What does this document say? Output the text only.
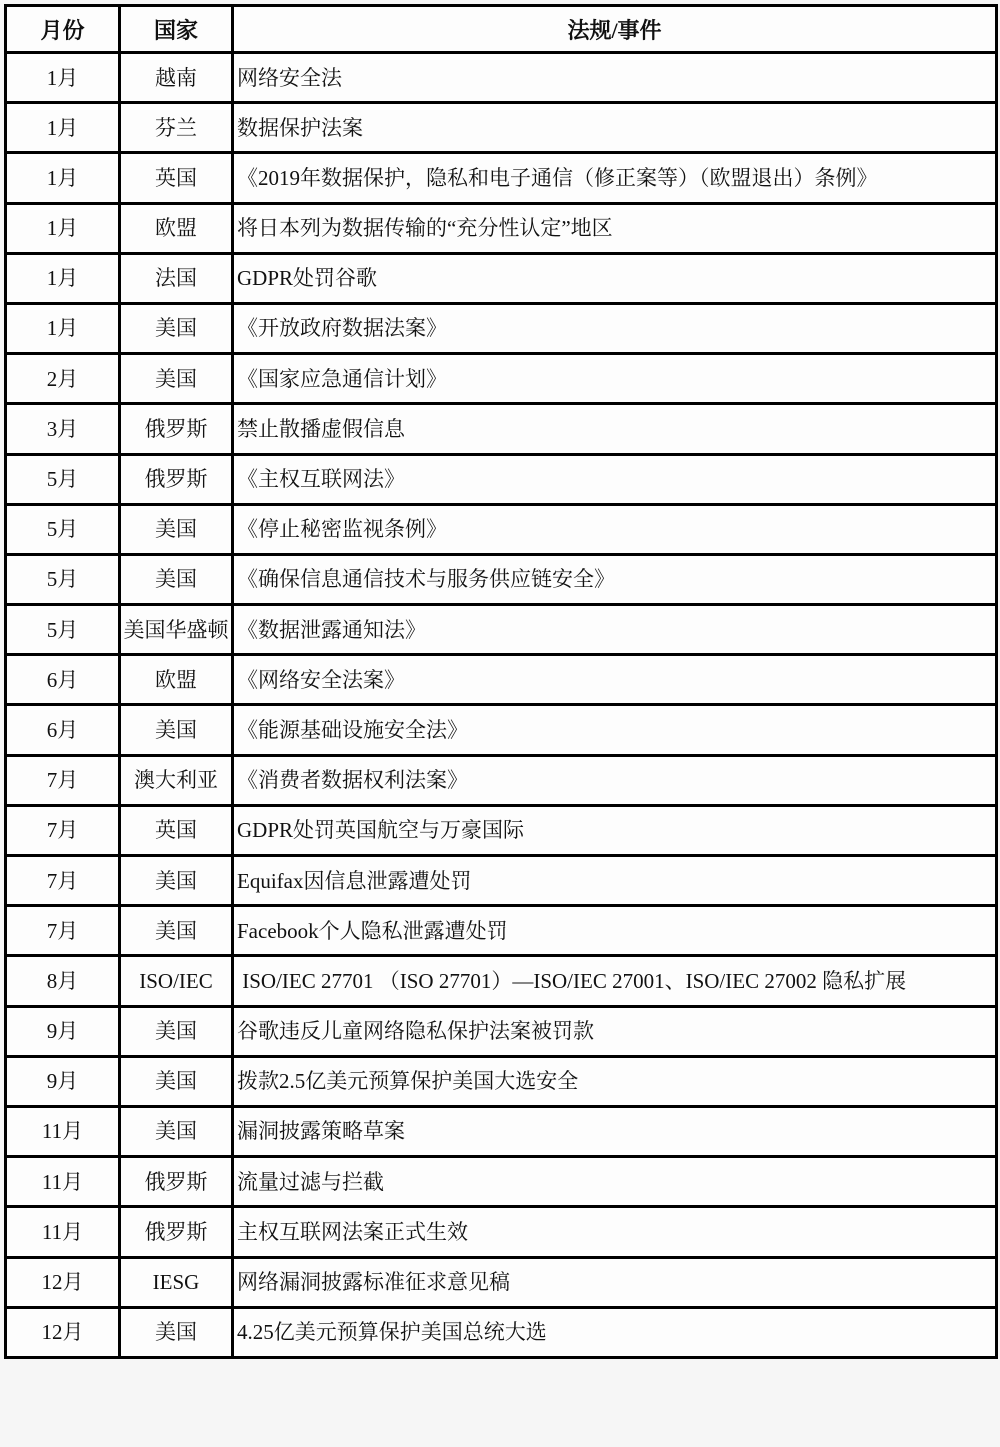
月份	国家	法规/事件
1月	越南	网络安全法
1月	芬兰	数据保护法案
1月	英国	《2019年数据保护，隐私和电子通信（修正案等）（欧盟退出）条例》
1月	欧盟	将日本列为数据传输的“充分性认定”地区
1月	法国	GDPR处罚谷歌
1月	美国	《开放政府数据法案》
2月	美国	《国家应急通信计划》
3月	俄罗斯	禁止散播虚假信息
5月	俄罗斯	《主权互联网法》
5月	美国	《停止秘密监视条例》
5月	美国	《确保信息通信技术与服务供应链安全》
5月	美国华盛顿	《数据泄露通知法》
6月	欧盟	《网络安全法案》
6月	美国	《能源基础设施安全法》
7月	澳大利亚	《消费者数据权利法案》
7月	英国	GDPR处罚英国航空与万豪国际
7月	美国	Equifax因信息泄露遭处罚
7月	美国	Facebook个人隐私泄露遭处罚
8月	ISO/IEC	ISO/IEC 27701 （ISO 27701）—ISO/IEC 27001、ISO/IEC 27002 隐私扩展
9月	美国	谷歌违反儿童网络隐私保护法案被罚款
9月	美国	拨款2.5亿美元预算保护美国大选安全
11月	美国	漏洞披露策略草案
11月	俄罗斯	流量过滤与拦截
11月	俄罗斯	主权互联网法案正式生效
12月	IESG	网络漏洞披露标准征求意见稿
12月	美国	4.25亿美元预算保护美国总统大选
